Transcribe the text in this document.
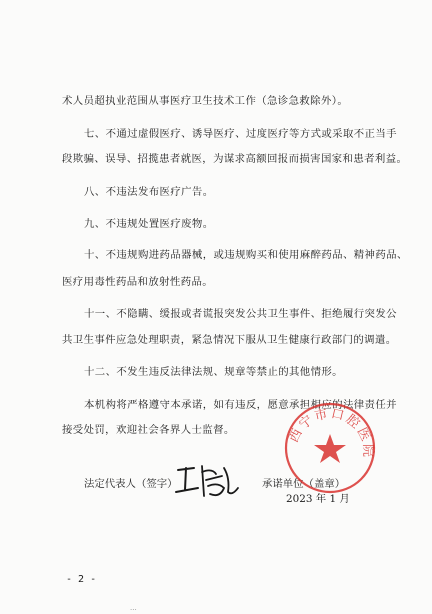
术人员超执业范围从事医疗卫生技术工作（急诊急救除外）。
七、不通过虚假医疗、诱导医疗、过度医疗等方式或采取不正当手
段欺骗、误导、招揽患者就医，为谋求高额回报而损害国家和患者利益。
八、不违法发布医疗广告。
九、不违规处置医疗废物。
十、不违规购进药品器械，或违规购买和使用麻醉药品、精神药品、
医疗用毒性药品和放射性药品。
十一、不隐瞒、缓报或者谎报突发公共卫生事件、拒绝履行突发公
共卫生事件应急处理职责，紧急情况下服从卫生健康行政部门的调遣。
十二、不发生违反法律法规、规章等禁止的其他情形。
本机构将严格遵守本承诺，如有违反，愿意承担相应的法律责任并
接受处罚，欢迎社会各界人士监督。
法定代表人（签字）	承诺单位（盖章）
西宁市口腔医院
2023 年 1 月
- 2 -
···
